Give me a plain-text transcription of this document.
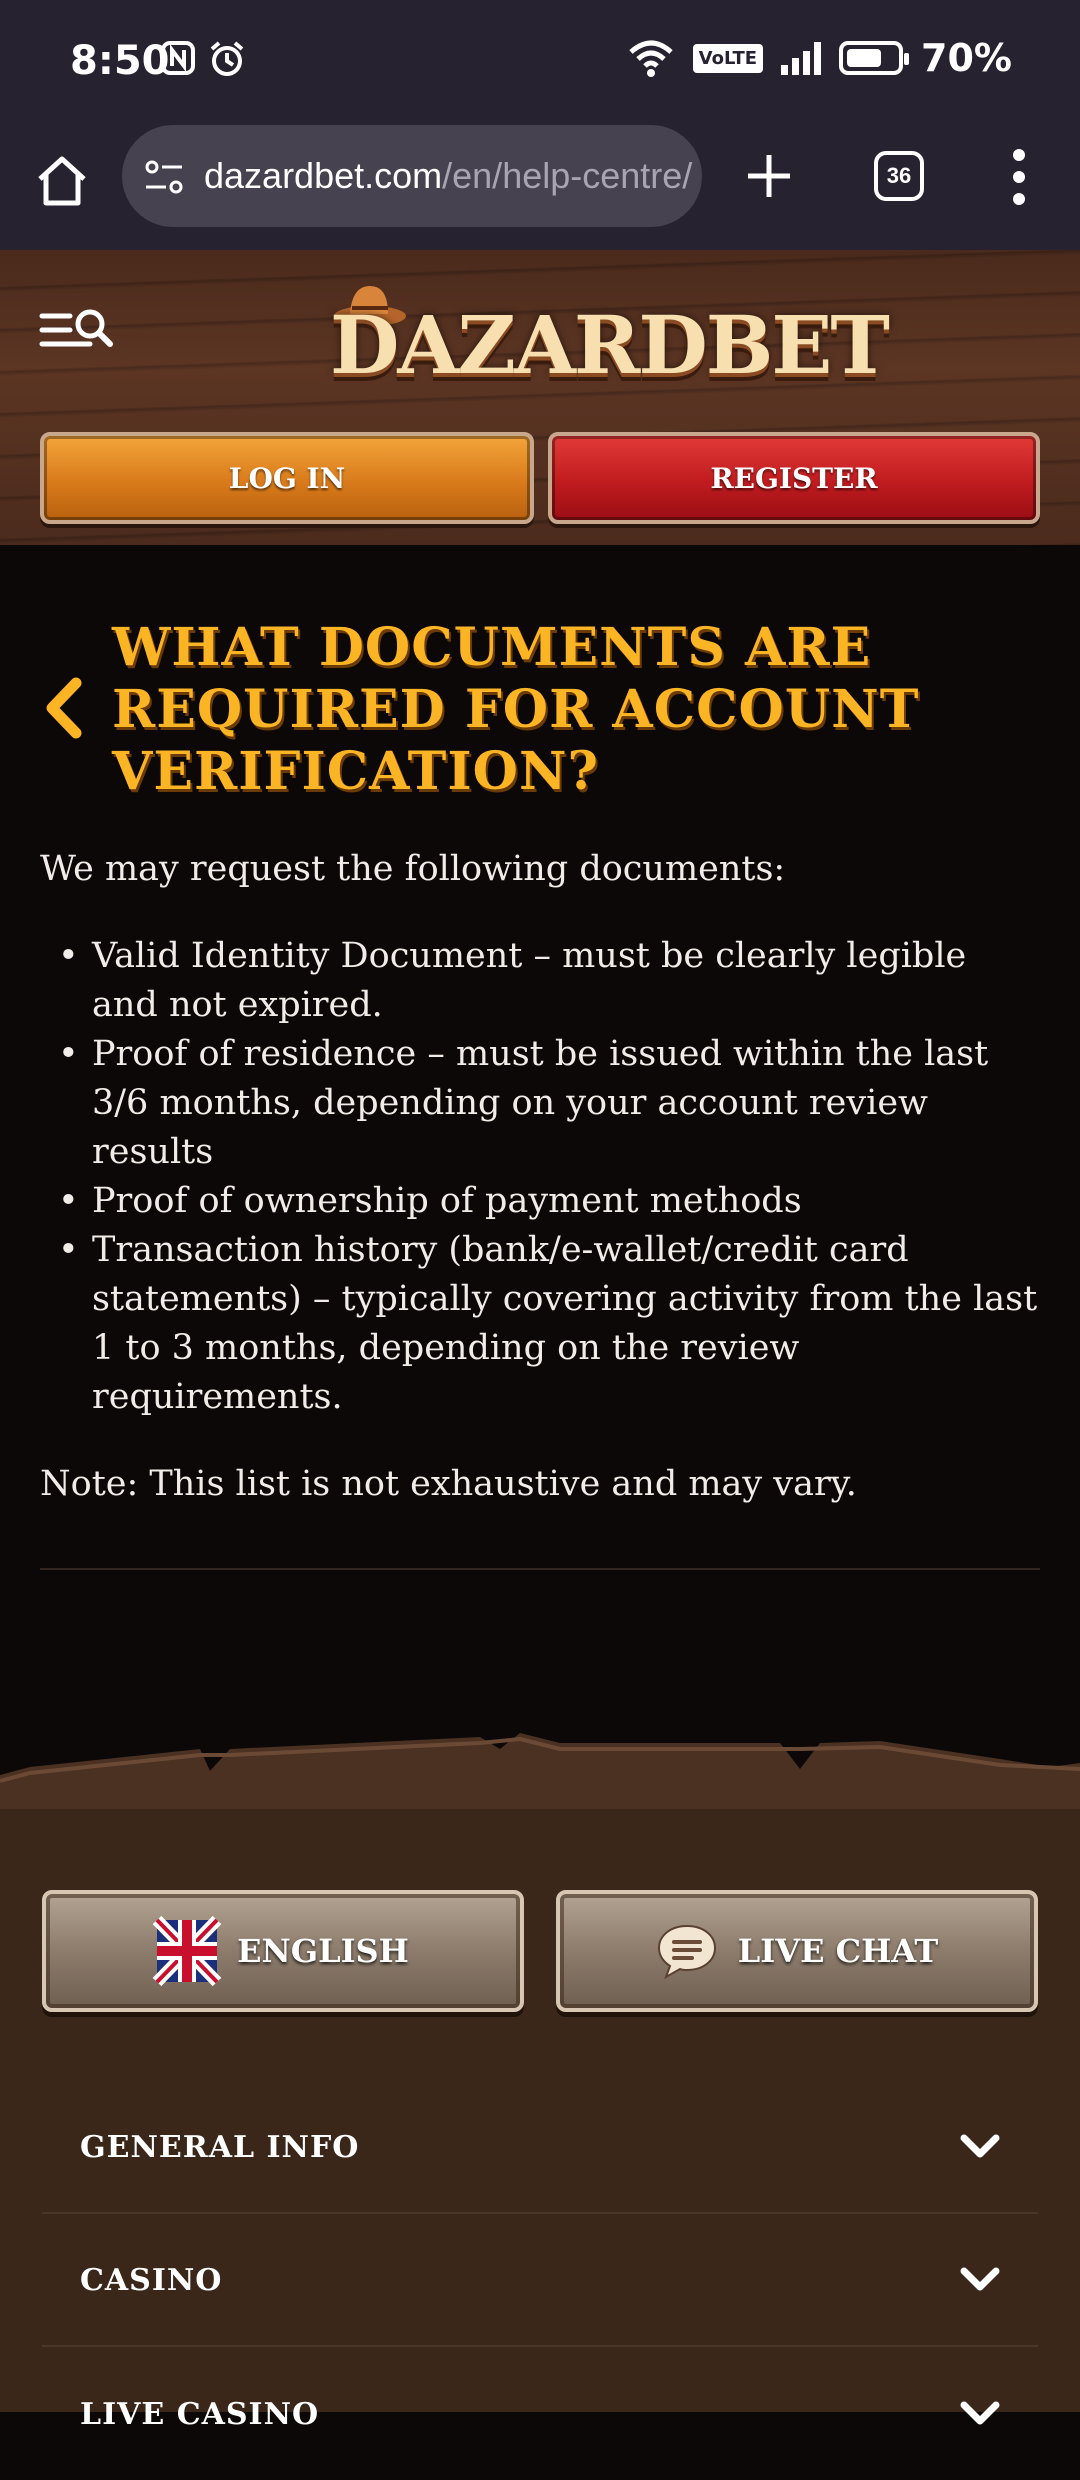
8:50	VoLTE	70%
dazardbet.com/en/help-centre/	36
DAZARDBET
LOG IN	REGISTER
WHAT DOCUMENTS ARE REQUIRED FOR ACCOUNT VERIFICATION?

We may request the following documents:

• Valid Identity Document – must be clearly legible and not expired.
• Proof of residence – must be issued within the last 3/6 months, depending on your account review results
• Proof of ownership of payment methods
• Transaction history (bank/e-wallet/credit card statements) – typically covering activity from the last 1 to 3 months, depending on the review requirements.

Note: This list is not exhaustive and may vary.

ENGLISH	LIVE CHAT
GENERAL INFO
CASINO
LIVE CASINO
